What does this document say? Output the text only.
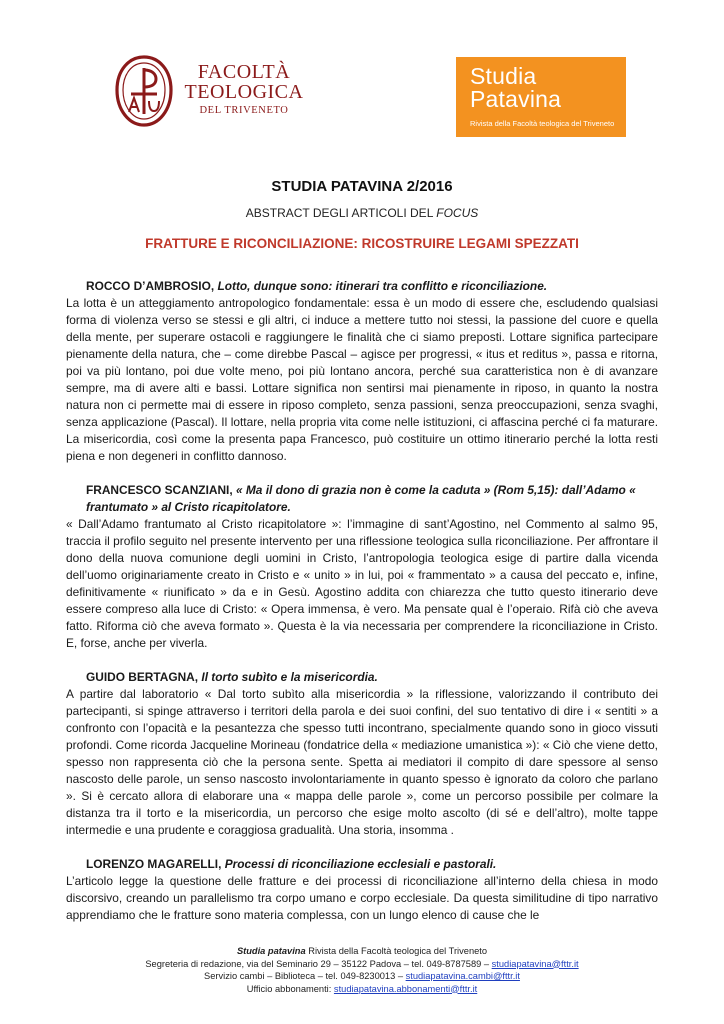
FACOLTÀ
TEOLOGICA
DEL TRIVENETO
Studia
Patavina
Rivista della Facoltà teologica del Triveneto
STUDIA PATAVINA 2/2016
ABSTRACT DEGLI ARTICOLI DEL FOCUS
FRATTURE E RICONCILIAZIONE: RICOSTRUIRE LEGAMI SPEZZATI
ROCCO D’AMBROSIO, Lotto, dunque sono: itinerari tra conflitto e riconciliazione.
La lotta è un atteggiamento antropologico fondamentale: essa è un modo di essere che, escludendo qualsiasi forma di violenza verso se stessi e gli altri, ci induce a mettere tutto noi stessi, la passione del cuore e quella della mente, per superare ostacoli e raggiungere le finalità che ci siamo preposti. Lottare significa partecipare pienamente della natura, che – come direbbe Pascal – agisce per progressi, « itus et reditus », passa e ritorna, poi va più lontano, poi due volte meno, poi più lontano ancora, perché sua caratteristica non è di avanzare sempre, ma di avere alti e bassi. Lottare significa non sentirsi mai pienamente in riposo, in quanto la nostra natura non ci permette mai di essere in riposo completo, senza passioni, senza preoccupazioni, senza svaghi, senza applicazione (Pascal). Il lottare, nella propria vita come nelle istituzioni, ci affascina perché ci fa maturare. La misericordia, così come la presenta papa Francesco, può costituire un ottimo itinerario perché la lotta resti piena e non degeneri in conflitto dannoso.
FRANCESCO SCANZIANI, « Ma il dono di grazia non è come la caduta » (Rom 5,15): dall’Adamo « frantumato » al Cristo ricapitolatore.
« Dall’Adamo frantumato al Cristo ricapitolatore »: l’immagine di sant’Agostino, nel Commento al salmo 95, traccia il profilo seguito nel presente intervento per una riflessione teologica sulla riconciliazione. Per affrontare il dono della nuova comunione degli uomini in Cristo, l’antropologia teologica esige di partire dalla vicenda dell’uomo originariamente creato in Cristo e « unito » in lui, poi « frammentato » a causa del peccato e, infine, definitivamente « riunificato » da e in Gesù. Agostino addita con chiarezza che tutto questo itinerario deve essere compreso alla luce di Cristo: « Opera immensa, è vero. Ma pensate qual è l’operaio. Rifà ciò che aveva fatto. Riforma ciò che aveva formato ». Questa è la via necessaria per comprendere la riconciliazione in Cristo. E, forse, anche per viverla.
GUIDO BERTAGNA, Il torto subìto e la misericordia.
A partire dal laboratorio « Dal torto subìto alla misericordia » la riflessione, valorizzando il contributo dei partecipanti, si spinge attraverso i territori della parola e dei suoi confini, del suo tentativo di dire i « sentiti » a confronto con l’opacità e la pesantezza che spesso tutti incontrano, specialmente quando sono in gioco vissuti profondi. Come ricorda Jacqueline Morineau (fondatrice della « mediazione umanistica »): « Ciò che viene detto, spesso non rappresenta ciò che la persona sente. Spetta ai mediatori il compito di dare spessore al senso nascosto delle parole, un senso nascosto involontariamente in quanto spesso è ignorato da coloro che parlano ». Si è cercato allora di elaborare una « mappa delle parole », come un percorso possibile per colmare la distanza tra il torto e la misericordia, un percorso che esige molto ascolto (di sé e dell’altro), molte tappe intermedie e una prudente e coraggiosa gradualità. Una storia, insomma .
LORENZO MAGARELLI, Processi di riconciliazione ecclesiali e pastorali.
L’articolo legge la questione delle fratture e dei processi di riconciliazione all’interno della chiesa in modo discorsivo, creando un parallelismo tra corpo umano e corpo ecclesiale. Da questa similitudine di tipo narrativo apprendiamo che le fratture sono materia complessa, con un lungo elenco di cause che le
Studia patavina Rivista della Facoltà teologica del Triveneto
Segreteria di redazione, via del Seminario 29 – 35122 Padova – tel. 049-8787589 – studiapatavina@fttr.it
Servizio cambi – Biblioteca – tel. 049-8230013 – studiapatavina.cambi@fttr.it
Ufficio abbonamenti: studiapatavina.abbonamenti@fttr.it
